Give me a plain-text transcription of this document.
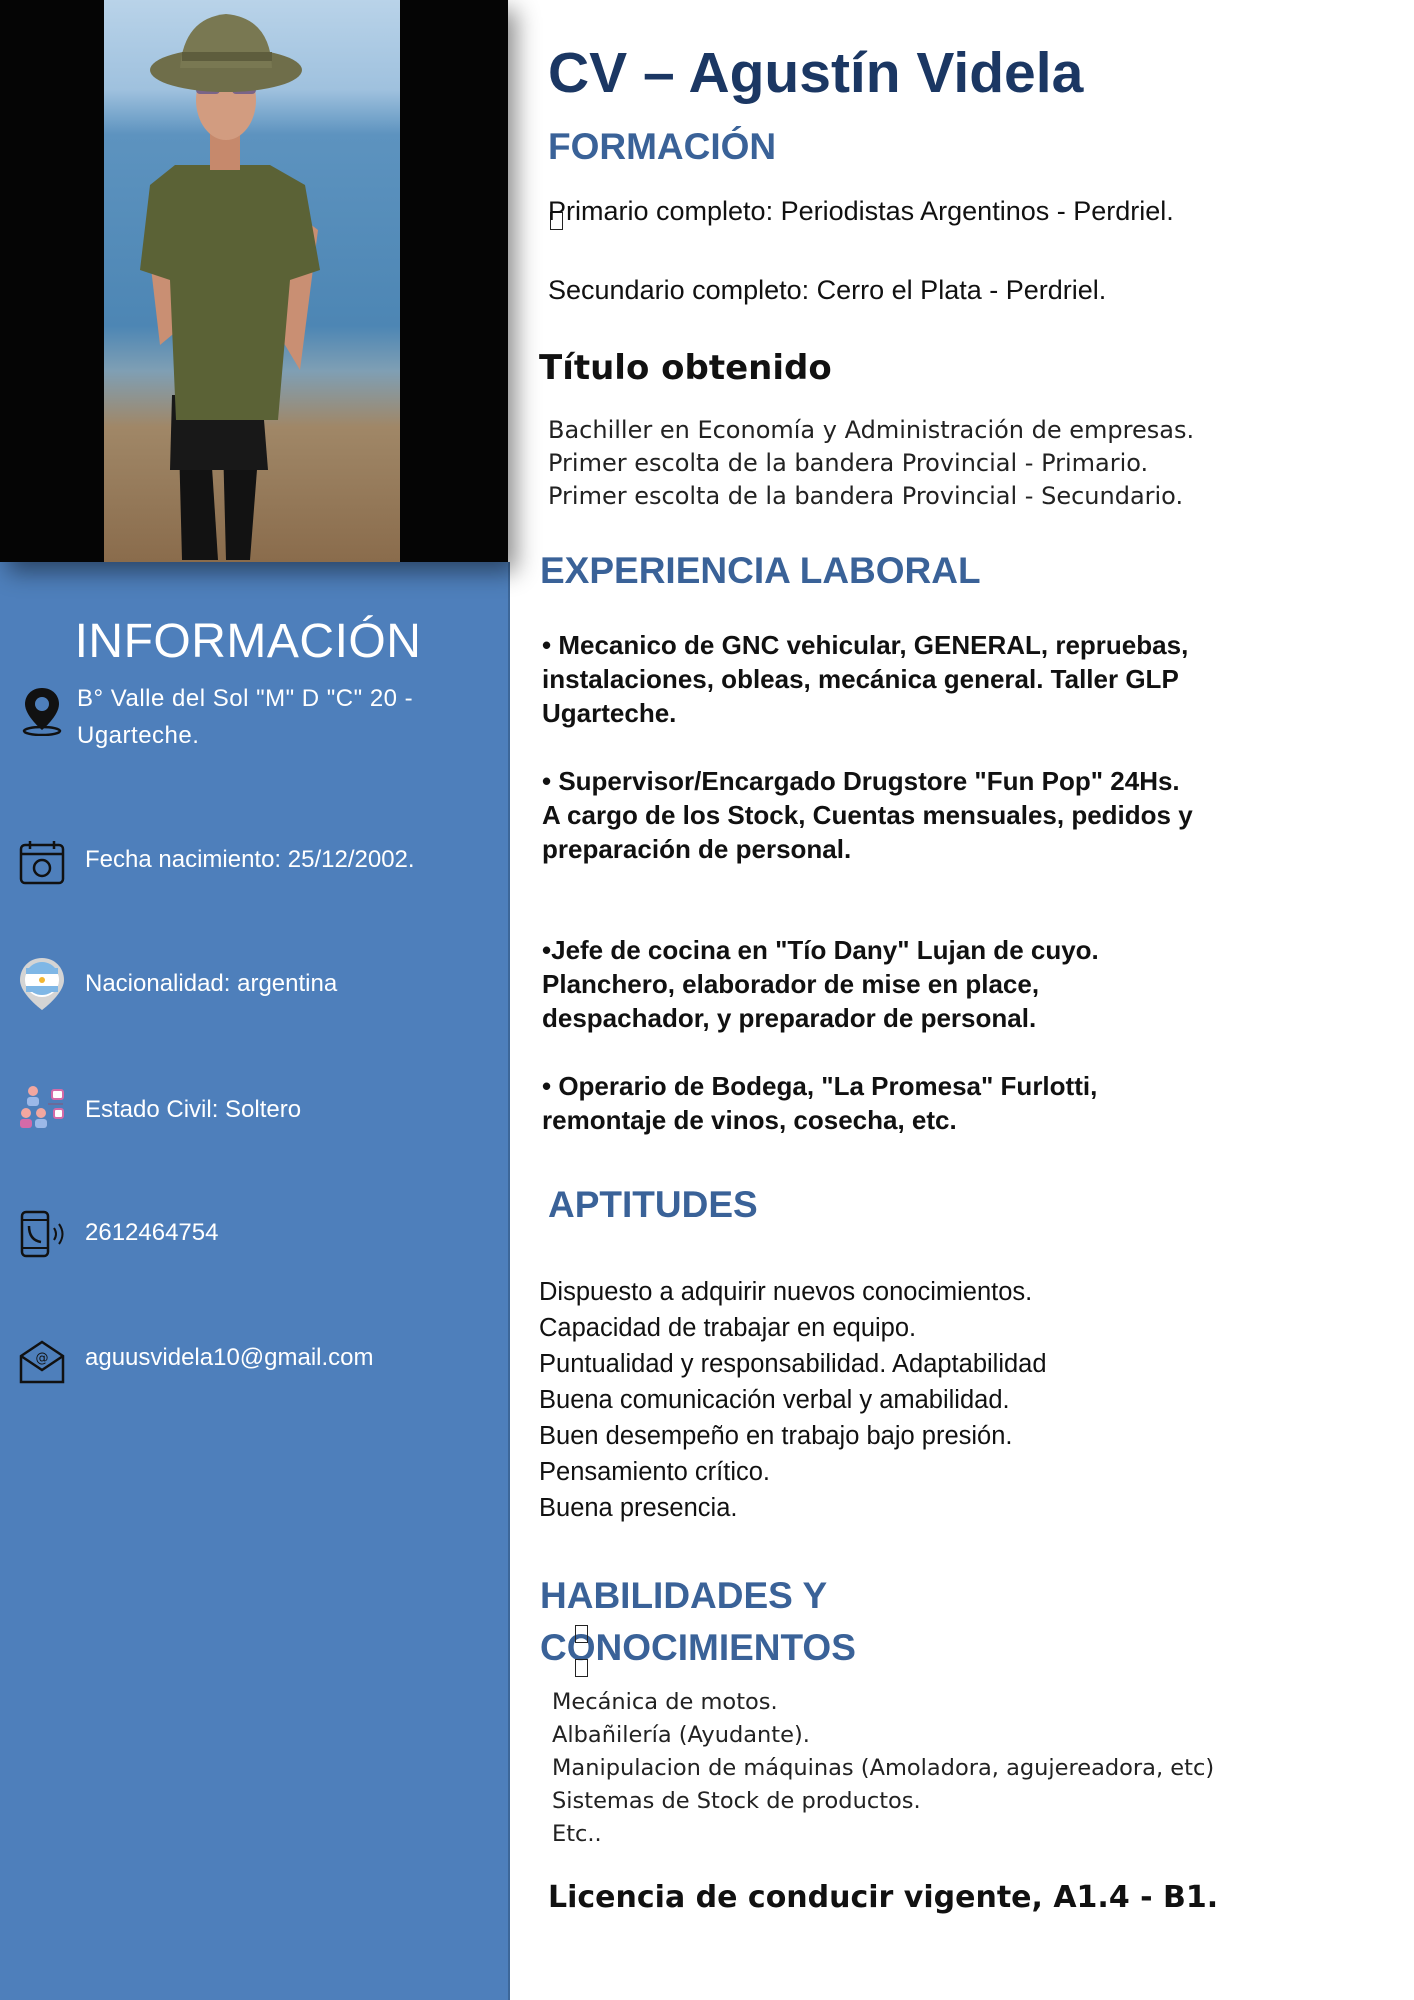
INFORMACIÓN
B° Valle del Sol "M" D "C" 20 - Ugarteche.
Fecha nacimiento: 25/12/2002.
Nacionalidad: argentina
Estado Civil: Soltero
2612464754
@ aguusvidela10@gmail.com
CV – Agustín Videla
FORMACIÓN

Primario completo: Periodistas Argentinos - Perdriel.

Secundario completo: Cerro el Plata - Perdriel.

Título obtenido
Bachiller en Economía y Administración de empresas.
Primer escolta de la bandera Provincial - Primario.
Primer escolta de la bandera Provincial - Secundario.
EXPERIENCIA LABORAL

• Mecanico de GNC vehicular, GENERAL, repruebas, instalaciones, obleas, mecánica general. Taller GLP Ugarteche.

• Supervisor/Encargado Drugstore "Fun Pop" 24Hs. A cargo de los Stock, Cuentas mensuales, pedidos y preparación de personal.

•Jefe de cocina en "Tío Dany" Lujan de cuyo. Planchero, elaborador de mise en place, despachador, y preparador de personal.

• Operario de Bodega, "La Promesa" Furlotti, remontaje de vinos, cosecha, etc.

APTITUDES
Dispuesto a adquirir nuevos conocimientos.
Capacidad de trabajar en equipo.
Puntualidad y responsabilidad. Adaptabilidad
Buena comunicación verbal y amabilidad.
Buen desempeño en trabajo bajo presión.
Pensamiento crítico.
Buena presencia.
HABILIDADES Y
CONOCIMIENTOS
Mecánica de motos.
Albañilería (Ayudante).
Manipulacion de máquinas (Amoladora, agujereadora, etc)
Sistemas de Stock de productos.
Etc..

Licencia de conducir vigente, A1.4 - B1.
